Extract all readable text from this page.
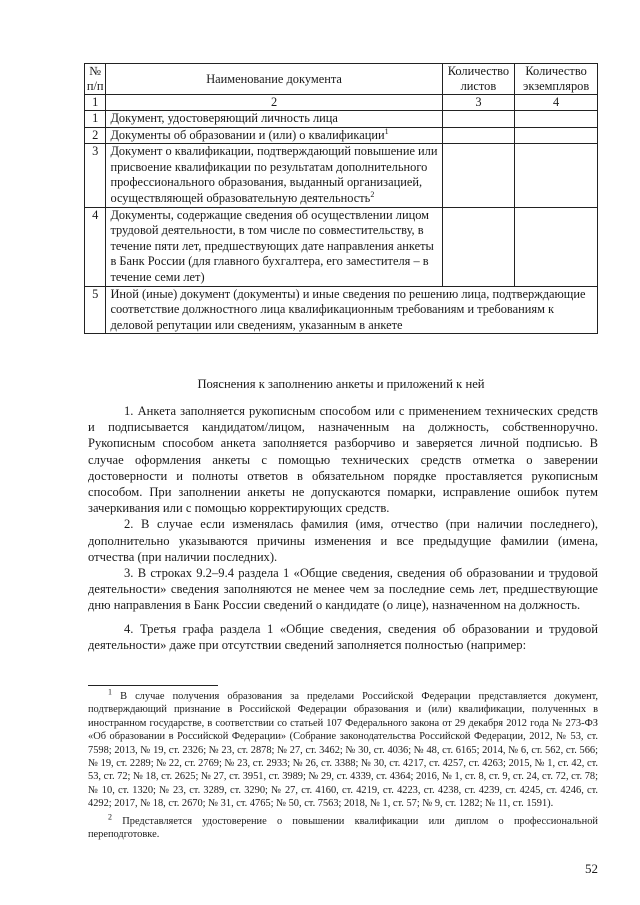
№ п/п	Наименование документа	Количество листов	Количество экземпляров
1	2	3	4
1	Документ, удостоверяющий личность лица		
2	Документы об образовании и (или) о квалификации$^1$		
3	Документ о квалификации, подтверждающий повышение или присвоение квалификации по результатам дополнительного профессионального образования, выданный организацией, осуществляющей образовательную деятельность$^2$		
4	Документы, содержащие сведения об осуществлении лицом трудовой деятельности, в том числе по совместительству, в течение пяти лет, предшествующих дате направления анкеты в Банк России (для главного бухгалтера, его заместителя – в течение семи лет)		
5	Иной (иные) документ (документы) и иные сведения по решению лица, подтверждающие соответствие должностного лица квалификационным требованиям и требованиям к деловой репутации или сведениям, указанным в анкете		
Пояснения к заполнению анкеты и приложений к ней

1. Анкета заполняется рукописным способом или с применением технических средств и подписывается кандидатом/лицом, назначенным на должность, собственноручно. Рукописным способом анкета заполняется разборчиво и заверяется личной подписью. В случае оформления анкеты с помощью технических средств отметка о заверении достоверности и полноты ответов в обязательном порядке проставляется рукописным способом. При заполнении анкеты не допускаются помарки, исправление ошибок путем зачеркивания или с помощью корректирующих средств.

2. В случае если изменялась фамилия (имя, отчество (при наличии последнего), дополнительно указываются причины изменения и все предыдущие фамилии (имена, отчества (при наличии последних).

3. В строках 9.2–9.4 раздела 1 «Общие сведения, сведения об образовании и трудовой деятельности» сведения заполняются не менее чем за последние семь лет, предшествующие дню направления в Банк России сведений о кандидате (о лице), назначенном на должность.

4. Третья графа раздела 1 «Общие сведения, сведения об образовании и трудовой деятельности» даже при отсутствии сведений заполняется полностью (например:

$^1$ В случае получения образования за пределами Российской Федерации представляется документ, подтверждающий признание в Российской Федерации образования и (или) квалификации, полученных в иностранном государстве, в соответствии со статьей 107 Федерального закона от 29 декабря 2012 года № 273-ФЗ «Об образовании в Российской Федерации» (Собрание законодательства Российской Федерации, 2012, № 53, ст. 7598; 2013, № 19, ст. 2326; № 23, ст. 2878; № 27, ст. 3462; № 30, ст. 4036; № 48, ст. 6165; 2014, № 6, ст. 562, ст. 566; № 19, ст. 2289; № 22, ст. 2769; № 23, ст. 2933; № 26, ст. 3388; № 30, ст. 4217, ст. 4257, ст. 4263; 2015, № 1, ст. 42, ст. 53, ст. 72; № 18, ст. 2625; № 27, ст. 3951, ст. 3989; № 29, ст. 4339, ст. 4364; 2016, № 1, ст. 8, ст. 9, ст. 24, ст. 72, ст. 78; № 10, ст. 1320; № 23, ст. 3289, ст. 3290; № 27, ст. 4160, ст. 4219, ст. 4223, ст. 4238, ст. 4239, ст. 4245, ст. 4246, ст. 4292; 2017, № 18, ст. 2670; № 31, ст. 4765; № 50, ст. 7563; 2018, № 1, ст. 57; № 9, ст. 1282; № 11, ст. 1591).

$^2$ Представляется удостоверение о повышении квалификации или диплом о профессиональной переподготовке.

52
